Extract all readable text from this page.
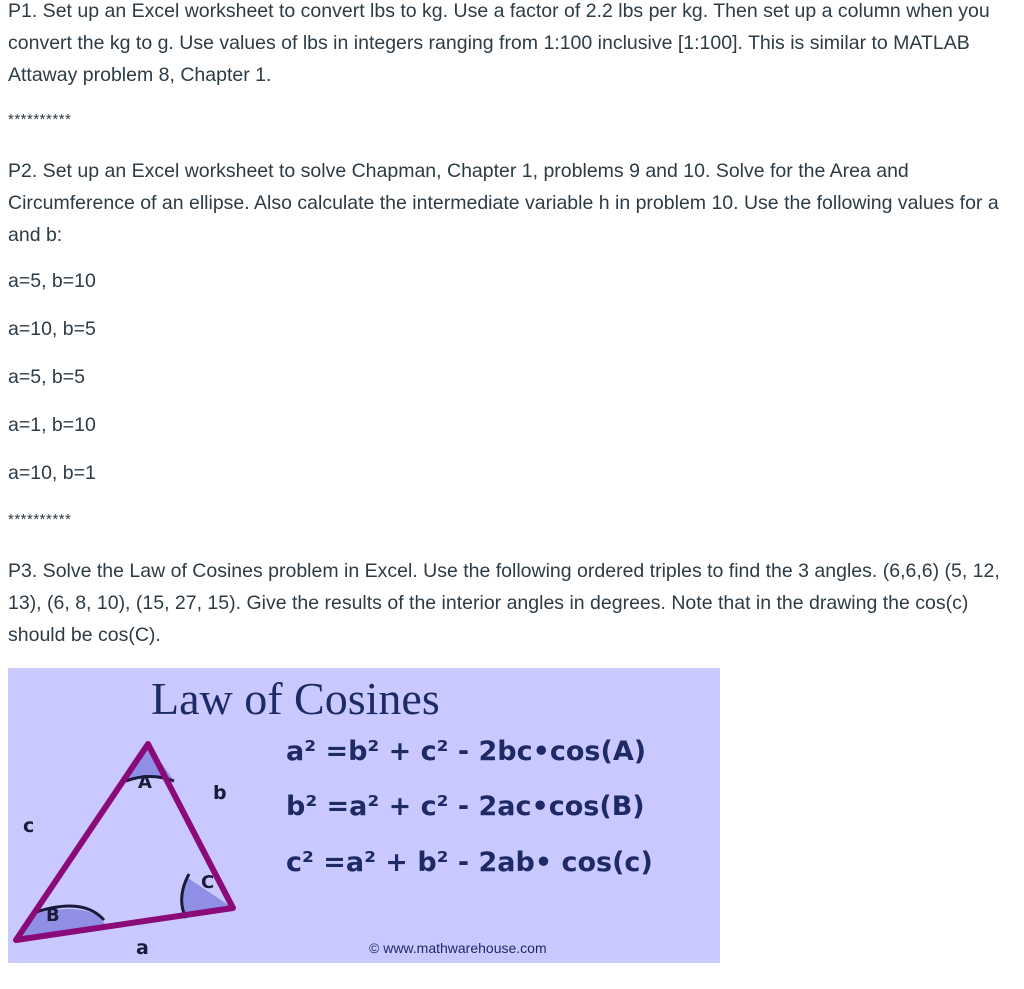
P1. Set up an Excel worksheet to convert lbs to kg. Use a factor of 2.2 lbs per kg. Then set up a column when you convert the kg to g. Use values of lbs in integers ranging from 1:100 inclusive [1:100]. This is similar to MATLAB Attaway problem 8, Chapter 1.

**********

P2. Set up an Excel worksheet to solve Chapman, Chapter 1, problems 9 and 10. Solve for the Area and Circumference of an ellipse. Also calculate the intermediate variable h in problem 10. Use the following values for a and b:

a=5, b=10

a=10, b=5

a=5, b=5

a=1, b=10

a=10, b=1

**********

P3. Solve the Law of Cosines problem in Excel. Use the following ordered triples to find the 3 angles. (6,6,6) (5, 12, 13), (6, 8, 10), (15, 27, 15). Give the results of the interior angles in degrees. Note that in the drawing the cos(c) should be cos(C).

Law of Cosines

A
B
C
b
c
a

a² =b² + c² - 2bc•cos(A)

b² =a² + c² - 2ac•cos(B)

c² =a² + b² - 2ab• cos(c)

© www.mathwarehouse.com
